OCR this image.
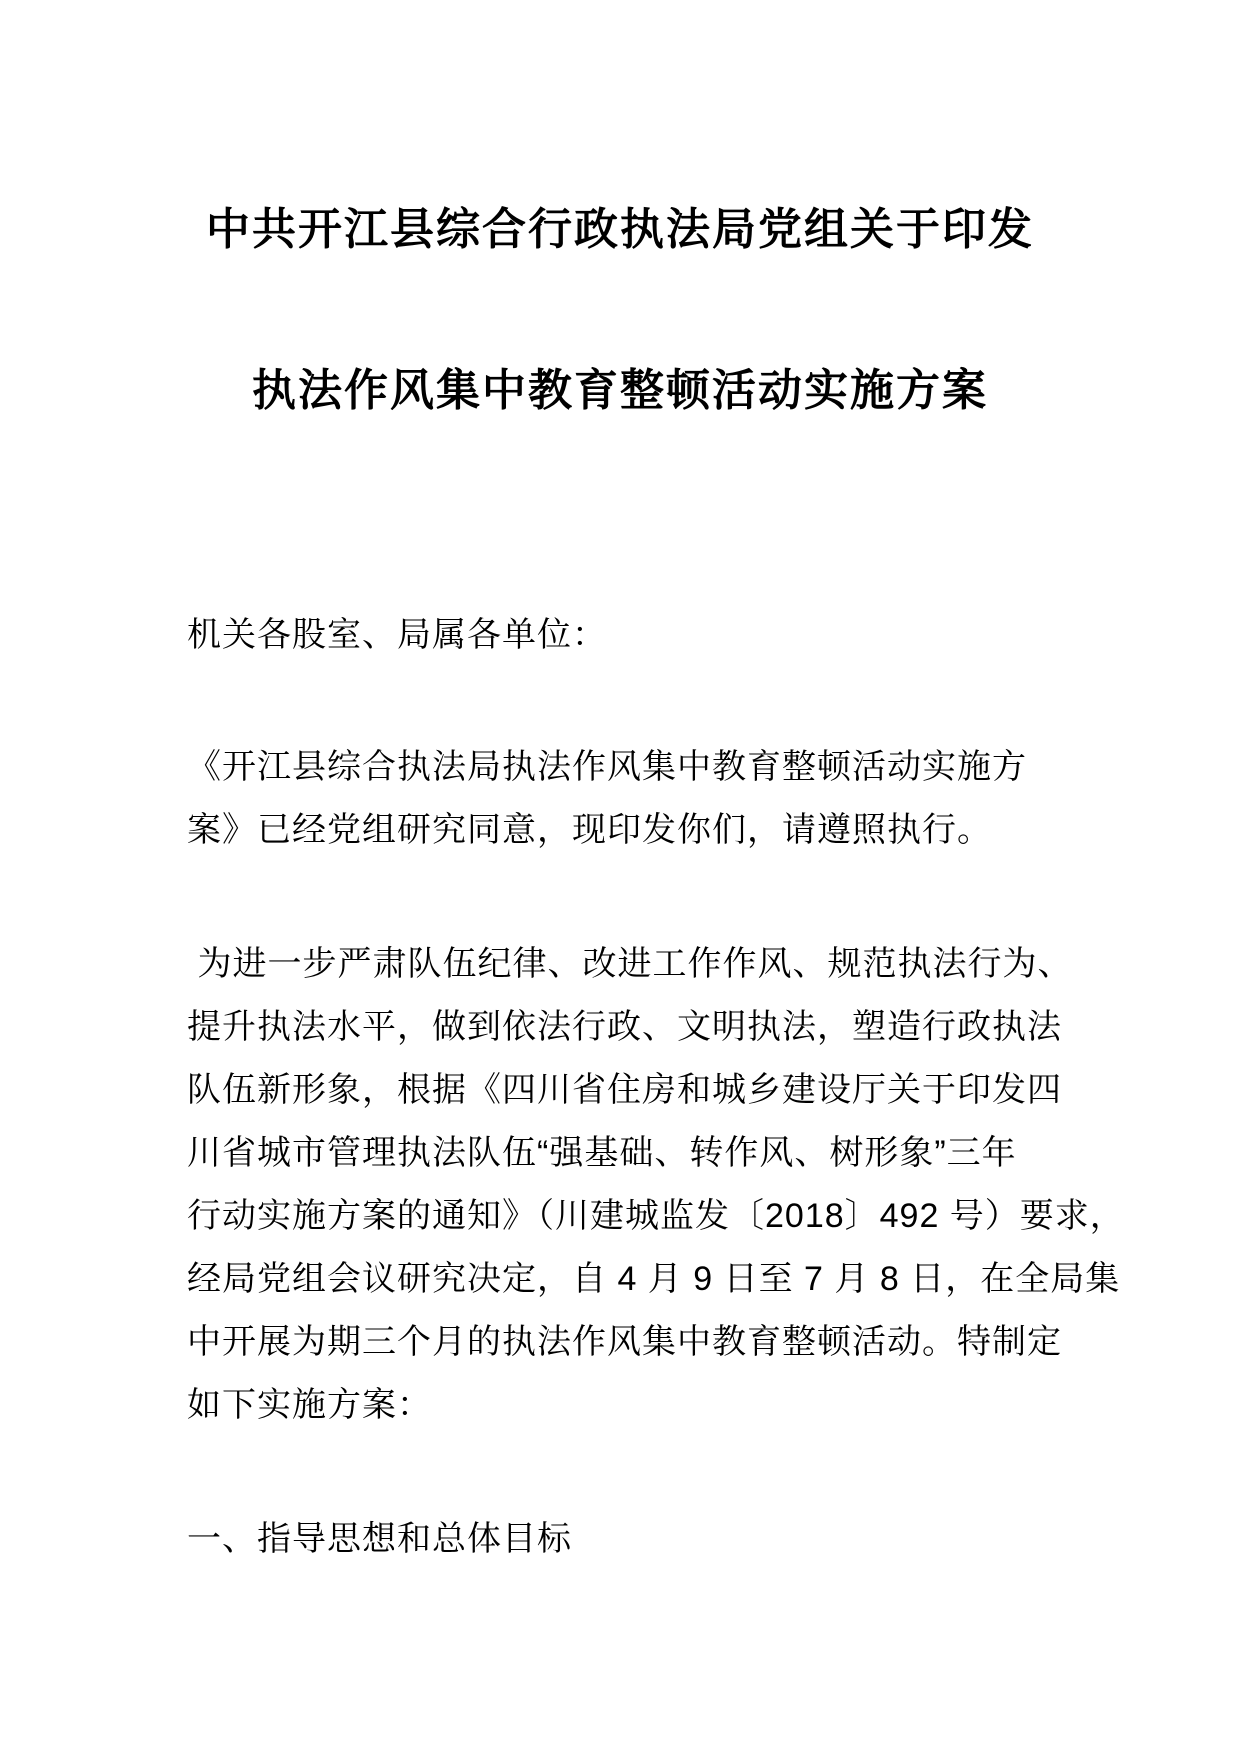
中共开江县综合行政执法局党组关于印发
执法作风集中教育整顿活动实施方案

机关各股室、局属各单位：

《开江县综合执法局执法作风集中教育整顿活动实施方
案》已经党组研究同意，现印发你们，请遵照执行。
为进一步严肃队伍纪律、改进工作作风、规范执法行为、
提升执法水平，做到依法行政、文明执法，塑造行政执法
队伍新形象，根据《四川省住房和城乡建设厅关于印发四
川省城市管理执法队伍“强基础、转作风、树形象”三年
行动实施方案的通知》（川建城监发〔2018〕492 号）要求，
经局党组会议研究决定，自 4 月 9 日至 7 月 8 日，在全局集
中开展为期三个月的执法作风集中教育整顿活动。特制定
如下实施方案：
一、指导思想和总体目标
